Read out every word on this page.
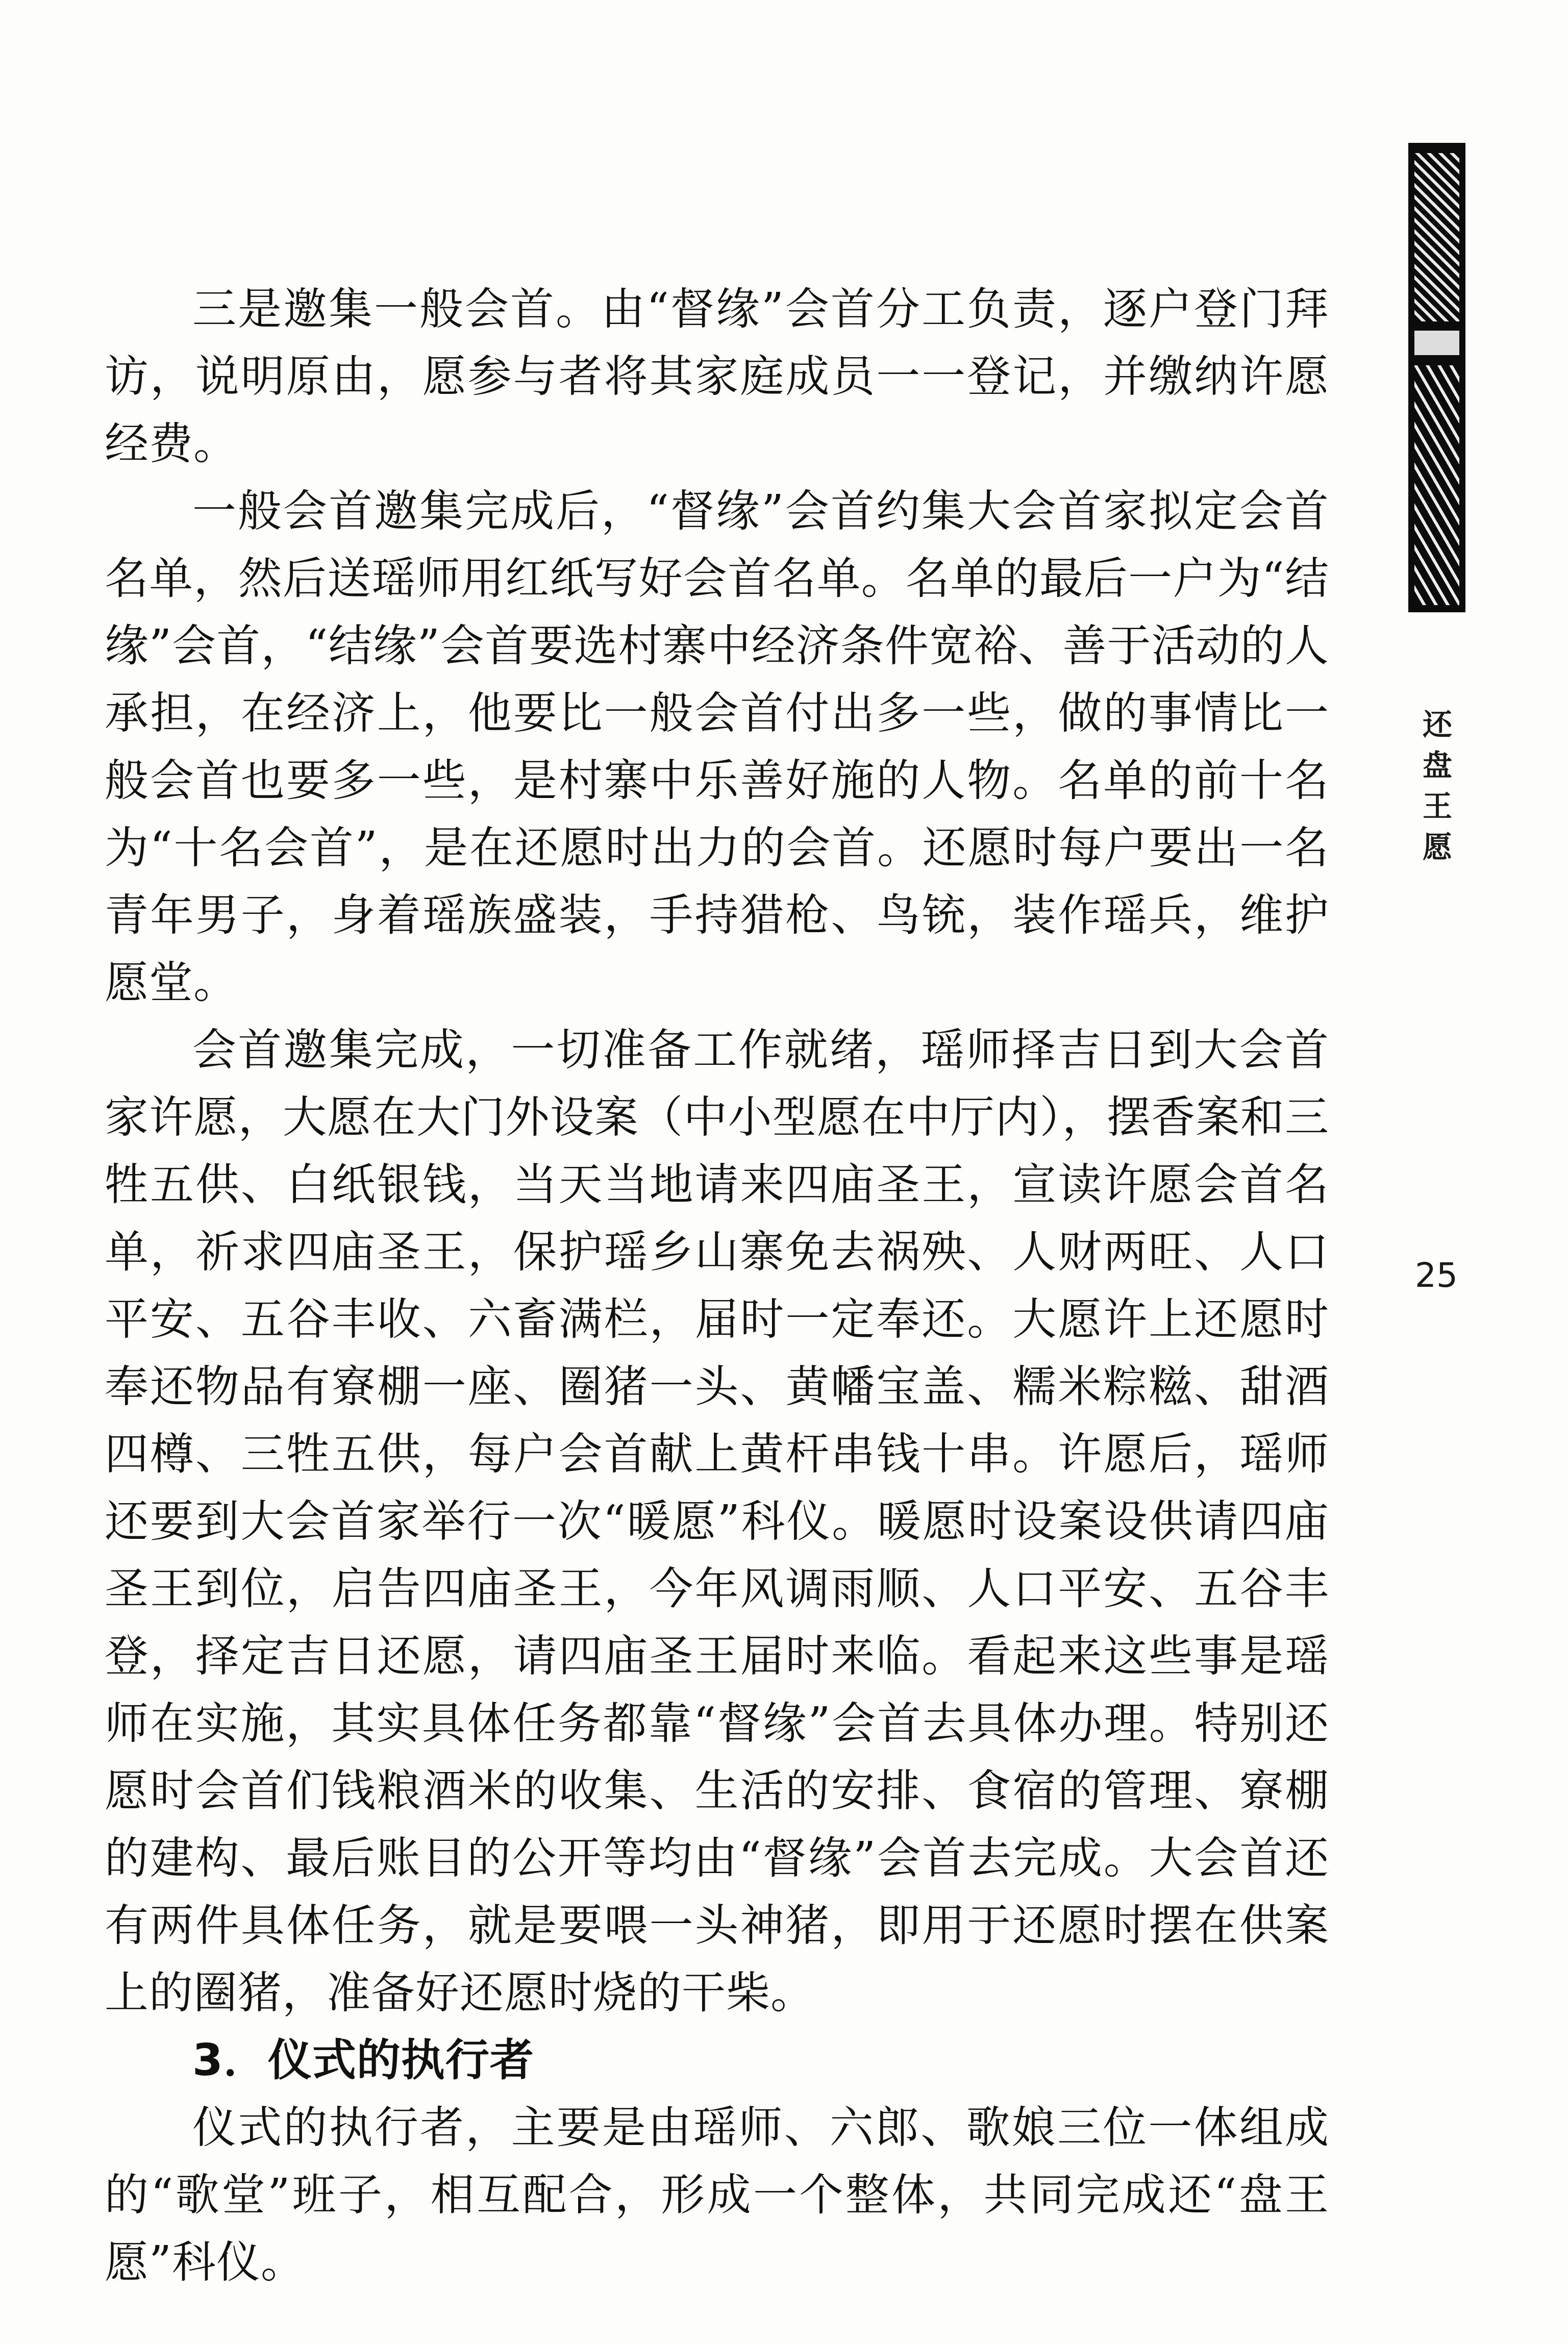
三是邀集一般会首。由“督缘”会首分工负责，逐户登门拜访，说明原由，愿参与者将其家庭成员一一登记，并缴纳许愿经费。

一般会首邀集完成后，“督缘”会首约集大会首家拟定会首名单，然后送瑶师用红纸写好会首名单。名单的最后一户为“结缘”会首，“结缘”会首要选村寨中经济条件宽裕、善于活动的人承担，在经济上，他要比一般会首付出多一些，做的事情比一般会首也要多一些，是村寨中乐善好施的人物。名单的前十名为“十名会首”，是在还愿时出力的会首。还愿时每户要出一名青年男子，身着瑶族盛装，手持猎枪、鸟铳，装作瑶兵，维护愿堂。

会首邀集完成，一切准备工作就绪，瑶师择吉日到大会首家许愿，大愿在大门外设案（中小型愿在中厅内），摆香案和三牲五供、白纸银钱，当天当地请来四庙圣王，宣读许愿会首名单，祈求四庙圣王，保护瑶乡山寨免去祸殃、人财两旺、人口平安、五谷丰收、六畜满栏，届时一定奉还。大愿许上还愿时奉还物品有寮棚一座、圈猪一头、黄幡宝盖、糯米粽糍、甜酒四樽、三牲五供，每户会首献上黄杆串钱十串。许愿后，瑶师还要到大会首家举行一次“暖愿”科仪。暖愿时设案设供请四庙圣王到位，启告四庙圣王，今年风调雨顺、人口平安、五谷丰登，择定吉日还愿，请四庙圣王届时来临。看起来这些事是瑶师在实施，其实具体任务都靠“督缘”会首去具体办理。特别还愿时会首们钱粮酒米的收集、生活的安排、食宿的管理、寮棚的建构、最后账目的公开等均由“督缘”会首去完成。大会首还有两件具体任务，就是要喂一头神猪，即用于还愿时摆在供案上的圈猪，准备好还愿时烧的干柴。

3．仪式的执行者

仪式的执行者，主要是由瑶师、六郎、歌娘三位一体组成的“歌堂”班子，相互配合，形成一个整体，共同完成还“盘王愿”科仪。

还
盘
王
愿
25
